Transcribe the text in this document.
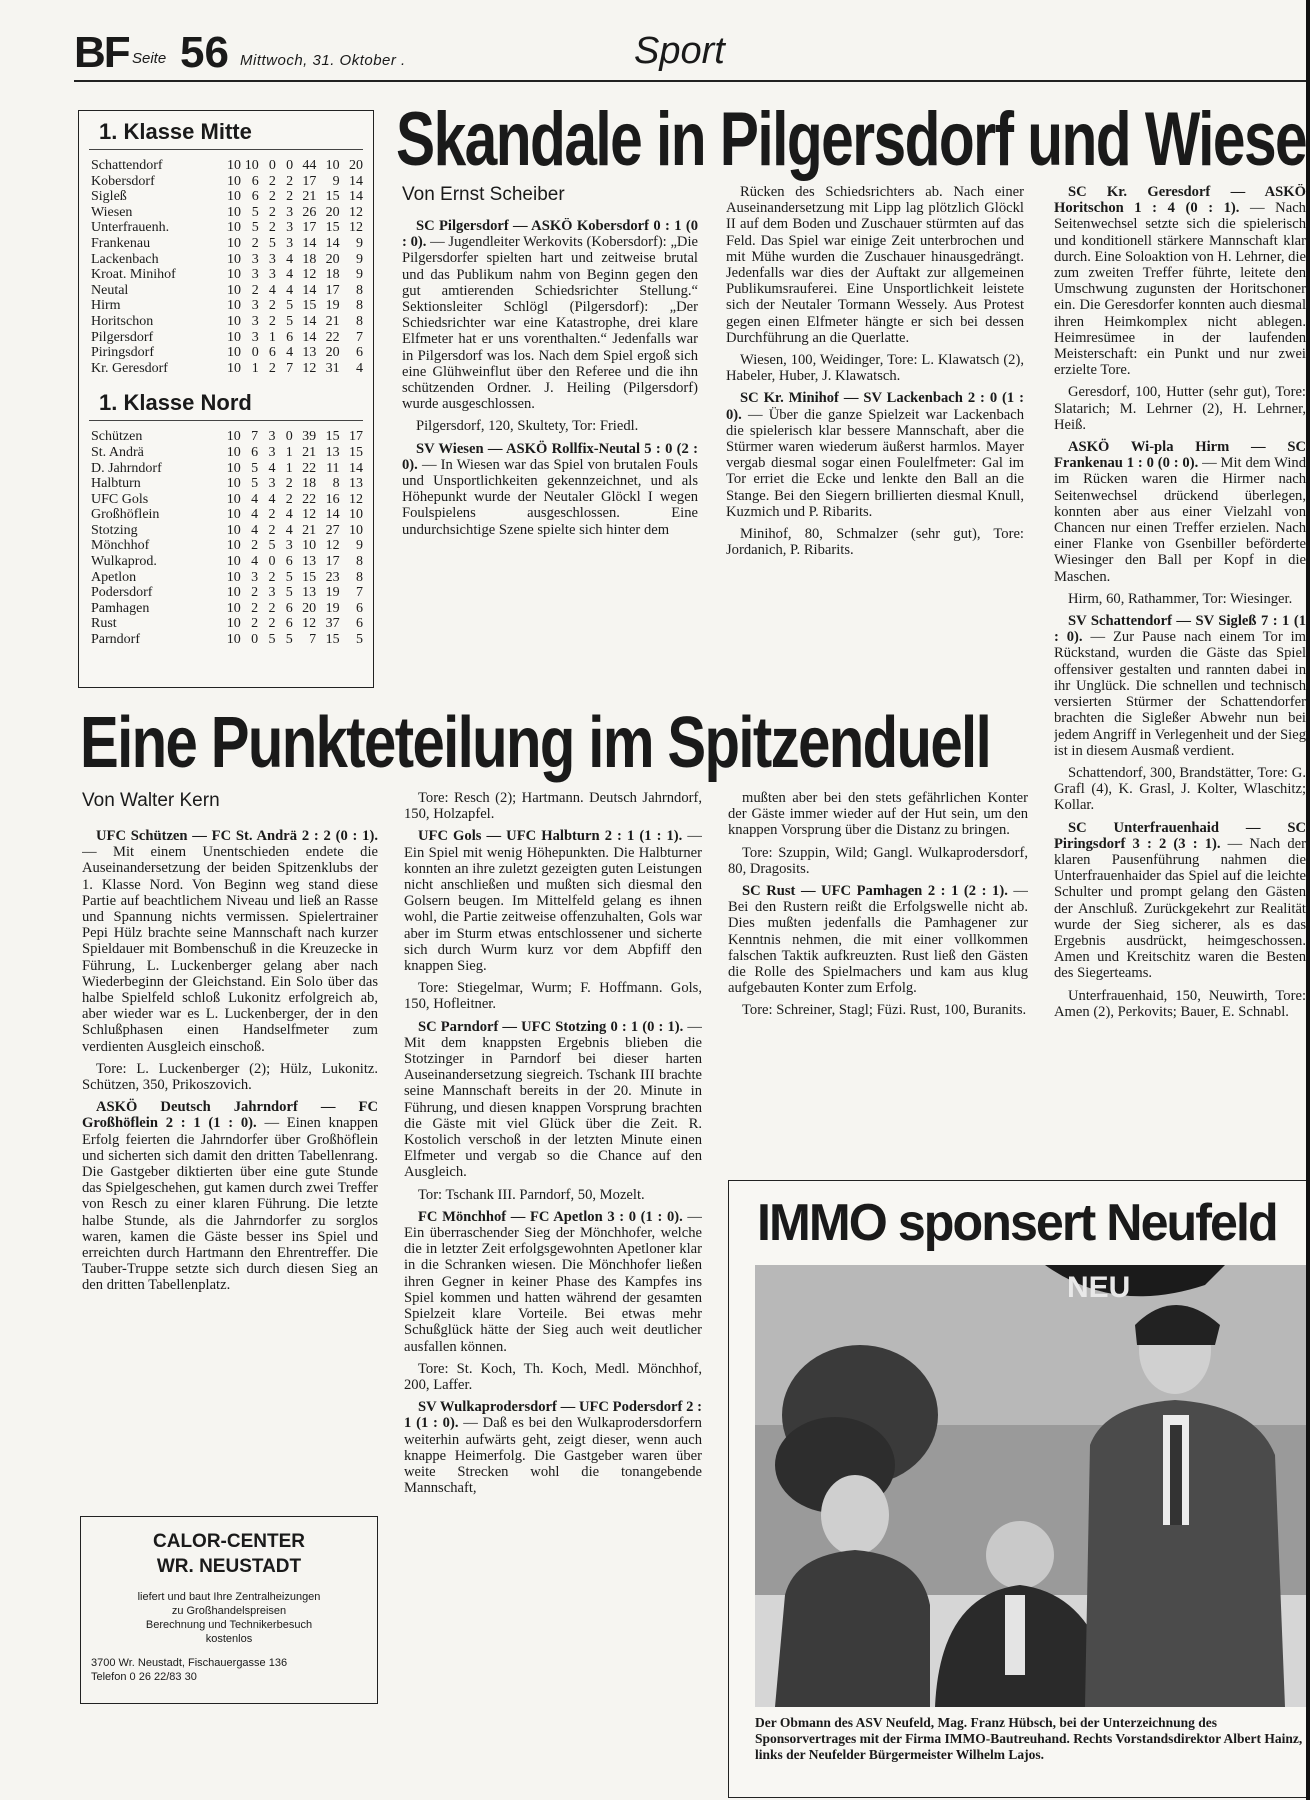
BF Seite 56 Mittwoch, 31. Oktober .	Sport
1. Klasse Mitte
Schattendorf	10	10	0	0	44	10	20
Kobersdorf	10	6	2	2	17	9	14
Sigleß	10	6	2	2	21	15	14
Wiesen	10	5	2	3	26	20	12
Unterfrauenh.	10	5	2	3	17	15	12
Frankenau	10	2	5	3	14	14	9
Lackenbach	10	3	3	4	18	20	9
Kroat. Minihof	10	3	3	4	12	18	9
Neutal	10	2	4	4	14	17	8
Hirm	10	3	2	5	15	19	8
Horitschon	10	3	2	5	14	21	8
Pilgersdorf	10	3	1	6	14	22	7
Piringsdorf	10	0	6	4	13	20	6
Kr. Geresdorf	10	1	2	7	12	31	4
1. Klasse Nord
Schützen	10	7	3	0	39	15	17
St. Andrä	10	6	3	1	21	13	15
D. Jahrndorf	10	5	4	1	22	11	14
Halbturn	10	5	3	2	18	8	13
UFC Gols	10	4	4	2	22	16	12
Großhöflein	10	4	2	4	12	14	10
Stotzing	10	4	2	4	21	27	10
Mönchhof	10	2	5	3	10	12	9
Wulkaprod.	10	4	0	6	13	17	8
Apetlon	10	3	2	5	15	23	8
Podersdorf	10	2	3	5	13	19	7
Pamhagen	10	2	2	6	20	19	6
Rust	10	2	2	6	12	37	6
Parndorf	10	0	5	5	7	15	5
Skandale in Pilgersdorf und Wiese
Von Ernst Scheiber

SC Pilgersdorf — ASKÖ Kobersdorf 0 : 1 (0 : 0). — Jugendleiter Werkovits (Kobersdorf): „Die Pilgersdorfer spielten hart und zeitweise brutal und das Publikum nahm von Beginn gegen den gut amtierenden Schiedsrichter Stellung.“ Sektionsleiter Schlögl (Pilgersdorf): „Der Schiedsrichter war eine Katastrophe, drei klare Elfmeter hat er uns vorenthalten.“ Jedenfalls war in Pilgersdorf was los. Nach dem Spiel ergoß sich eine Glühweinflut über den Referee und die ihn schützenden Ordner. J. Heiling (Pilgersdorf) wurde ausgeschlossen.

Pilgersdorf, 120, Skultety, Tor: Friedl.

SV Wiesen — ASKÖ Rollfix-Neutal 5 : 0 (2 : 0). — In Wiesen war das Spiel von brutalen Fouls und Unsportlichkeiten gekennzeichnet, und als Höhepunkt wurde der Neutaler Glöckl I wegen Foulspielens ausgeschlossen. Eine undurchsichtige Szene spielte sich hinter dem

Rücken des Schiedsrichters ab. Nach einer Auseinandersetzung mit Lipp lag plötzlich Glöckl II auf dem Boden und Zuschauer stürmten auf das Feld. Das Spiel war einige Zeit unterbrochen und mit Mühe wurden die Zuschauer hinausgedrängt. Jedenfalls war dies der Auftakt zur allgemeinen Publikumsrauferei. Eine Unsportlichkeit leistete sich der Neutaler Tormann Wessely. Aus Protest gegen einen Elfmeter hängte er sich bei dessen Durchführung an die Querlatte.

Wiesen, 100, Weidinger, Tore: L. Klawatsch (2), Habeler, Huber, J. Klawatsch.

SC Kr. Minihof — SV Lackenbach 2 : 0 (1 : 0). — Über die ganze Spielzeit war Lackenbach die spielerisch klar bessere Mannschaft, aber die Stürmer waren wiederum äußerst harmlos. Mayer vergab diesmal sogar einen Foulelfmeter: Gal im Tor erriet die Ecke und lenkte den Ball an die Stange. Bei den Siegern brillierten diesmal Knull, Kuzmich und P. Ribarits.

Minihof, 80, Schmalzer (sehr gut), Tore: Jordanich, P. Ribarits.

SC Kr. Geresdorf — ASKÖ Horitschon 1 : 4 (0 : 1). — Nach Seitenwechsel setzte sich die spielerisch und konditionell stärkere Mannschaft klar durch. Eine Soloaktion von H. Lehrner, die zum zweiten Treffer führte, leitete den Umschwung zugunsten der Horitschoner ein. Die Geresdorfer konnten auch diesmal ihren Heimkomplex nicht ablegen. Heimresümee in der laufenden Meisterschaft: ein Punkt und nur zwei erzielte Tore.

Geresdorf, 100, Hutter (sehr gut), Tore: Slatarich; M. Lehrner (2), H. Lehrner, Heiß.

ASKÖ Wi-pla Hirm — SC Frankenau 1 : 0 (0 : 0). — Mit dem Wind im Rücken waren die Hirmer nach Seitenwechsel drückend überlegen, konnten aber aus einer Vielzahl von Chancen nur einen Treffer erzielen. Nach einer Flanke von Gsenbiller beförderte Wiesinger den Ball per Kopf in die Maschen.

Hirm, 60, Rathammer, Tor: Wiesinger.

SV Schattendorf — SV Sigleß 7 : 1 (1 : 0). — Zur Pause nach einem Tor im Rückstand, wurden die Gäste das Spiel offensiver gestalten und rannten dabei in ihr Unglück. Die schnellen und technisch versierten Stürmer der Schattendorfer brachten die Sigleßer Abwehr nun bei jedem Angriff in Verlegenheit und der Sieg ist in diesem Ausmaß verdient.

Schattendorf, 300, Brandstätter, Tore: G. Grafl (4), K. Grasl, J. Kolter, Wlaschitz; Kollar.

SC Unterfrauenhaid — SC Piringsdorf 3 : 2 (3 : 1). — Nach der klaren Pausenführung nahmen die Unterfrauenhaider das Spiel auf die leichte Schulter und prompt gelang den Gästen der Anschluß. Zurückgekehrt zur Realität wurde der Sieg sicherer, als es das Ergebnis ausdrückt, heimgeschossen. Amen und Kreitschitz waren die Besten des Siegerteams.

Unterfrauenhaid, 150, Neuwirth, Tore: Amen (2), Perkovits; Bauer, E. Schnabl.

Eine Punkteteilung im Spitzenduell
Von Walter Kern

UFC Schützen — FC St. Andrä 2 : 2 (0 : 1). — Mit einem Unentschieden endete die Auseinandersetzung der beiden Spitzenklubs der 1. Klasse Nord. Von Beginn weg stand diese Partie auf beachtlichem Niveau und ließ an Rasse und Spannung nichts vermissen. Spielertrainer Pepi Hülz brachte seine Mannschaft nach kurzer Spieldauer mit Bombenschuß in die Kreuzecke in Führung, L. Luckenberger gelang aber nach Wiederbeginn der Gleichstand. Ein Solo über das halbe Spielfeld schloß Lukonitz erfolgreich ab, aber wieder war es L. Luckenberger, der in den Schlußphasen einen Handselfmeter zum verdienten Ausgleich einschoß.

Tore: L. Luckenberger (2); Hülz, Lukonitz. Schützen, 350, Prikoszovich.

ASKÖ Deutsch Jahrndorf — FC Großhöflein 2 : 1 (1 : 0). — Einen knappen Erfolg feierten die Jahrndorfer über Großhöflein und sicherten sich damit den dritten Tabellenrang. Die Gastgeber diktierten über eine gute Stunde das Spielgeschehen, gut kamen durch zwei Treffer von Resch zu einer klaren Führung. Die letzte halbe Stunde, als die Jahrndorfer zu sorglos waren, kamen die Gäste besser ins Spiel und erreichten durch Hartmann den Ehrentreffer. Die Tauber-Truppe setzte sich durch diesen Sieg an den dritten Tabellenplatz.

Tore: Resch (2); Hartmann. Deutsch Jahrndorf, 150, Holzapfel.

UFC Gols — UFC Halbturn 2 : 1 (1 : 1). — Ein Spiel mit wenig Höhepunkten. Die Halbturner konnten an ihre zuletzt gezeigten guten Leistungen nicht anschließen und mußten sich diesmal den Golsern beugen. Im Mittelfeld gelang es ihnen wohl, die Partie zeitweise offenzuhalten, Gols war aber im Sturm etwas entschlossener und sicherte sich durch Wurm kurz vor dem Abpfiff den knappen Sieg.

Tore: Stiegelmar, Wurm; F. Hoffmann. Gols, 150, Hofleitner.

SC Parndorf — UFC Stotzing 0 : 1 (0 : 1). — Mit dem knappsten Ergebnis blieben die Stotzinger in Parndorf bei dieser harten Auseinandersetzung siegreich. Tschank III brachte seine Mannschaft bereits in der 20. Minute in Führung, und diesen knappen Vorsprung brachten die Gäste mit viel Glück über die Zeit. R. Kostolich verschoß in der letzten Minute einen Elfmeter und vergab so die Chance auf den Ausgleich.

Tor: Tschank III. Parndorf, 50, Mozelt.

FC Mönchhof — FC Apetlon 3 : 0 (1 : 0). — Ein überraschender Sieg der Mönchhofer, welche die in letzter Zeit erfolgsgewohnten Apetloner klar in die Schranken wiesen. Die Mönchhofer ließen ihren Gegner in keiner Phase des Kampfes ins Spiel kommen und hatten während der gesamten Spielzeit klare Vorteile. Bei etwas mehr Schußglück hätte der Sieg auch weit deutlicher ausfallen können.

Tore: St. Koch, Th. Koch, Medl. Mönchhof, 200, Laffer.

SV Wulkaprodersdorf — UFC Podersdorf 2 : 1 (1 : 0). — Daß es bei den Wulkaprodersdorfern weiterhin aufwärts geht, zeigt dieser, wenn auch knappe Heimerfolg. Die Gastgeber waren über weite Strecken wohl die tonangebende Mannschaft,

mußten aber bei den stets gefährlichen Konter der Gäste immer wieder auf der Hut sein, um den knappen Vorsprung über die Distanz zu bringen.

Tore: Szuppin, Wild; Gangl. Wulkaprodersdorf, 80, Dragosits.

SC Rust — UFC Pamhagen 2 : 1 (2 : 1). — Bei den Rustern reißt die Erfolgswelle nicht ab. Dies mußten jedenfalls die Pamhagener zur Kenntnis nehmen, die mit einer vollkommen falschen Taktik aufkreuzten. Rust ließ den Gästen die Rolle des Spielmachers und kam aus klug aufgebauten Konter zum Erfolg.

Tore: Schreiner, Stagl; Füzi. Rust, 100, Buranits.

CALOR-CENTER
WR. NEUSTADT
liefert und baut Ihre Zentralheizungen
zu Großhandelspreisen
Berechnung und Technikerbesuch
kostenlos
3700 Wr. Neustadt, Fischauergasse 136
Telefon 0 26 22/83 30
IMMO sponsert Neufeld
NEU
Der Obmann des ASV Neufeld, Mag. Franz Hübsch, bei der Unterzeichnung des Sponsorvertrages mit der Firma IMMO-Bautreuhand. Rechts Vorstandsdirektor Albert Hainz, links der Neufelder Bürgermeister Wilhelm Lajos.
